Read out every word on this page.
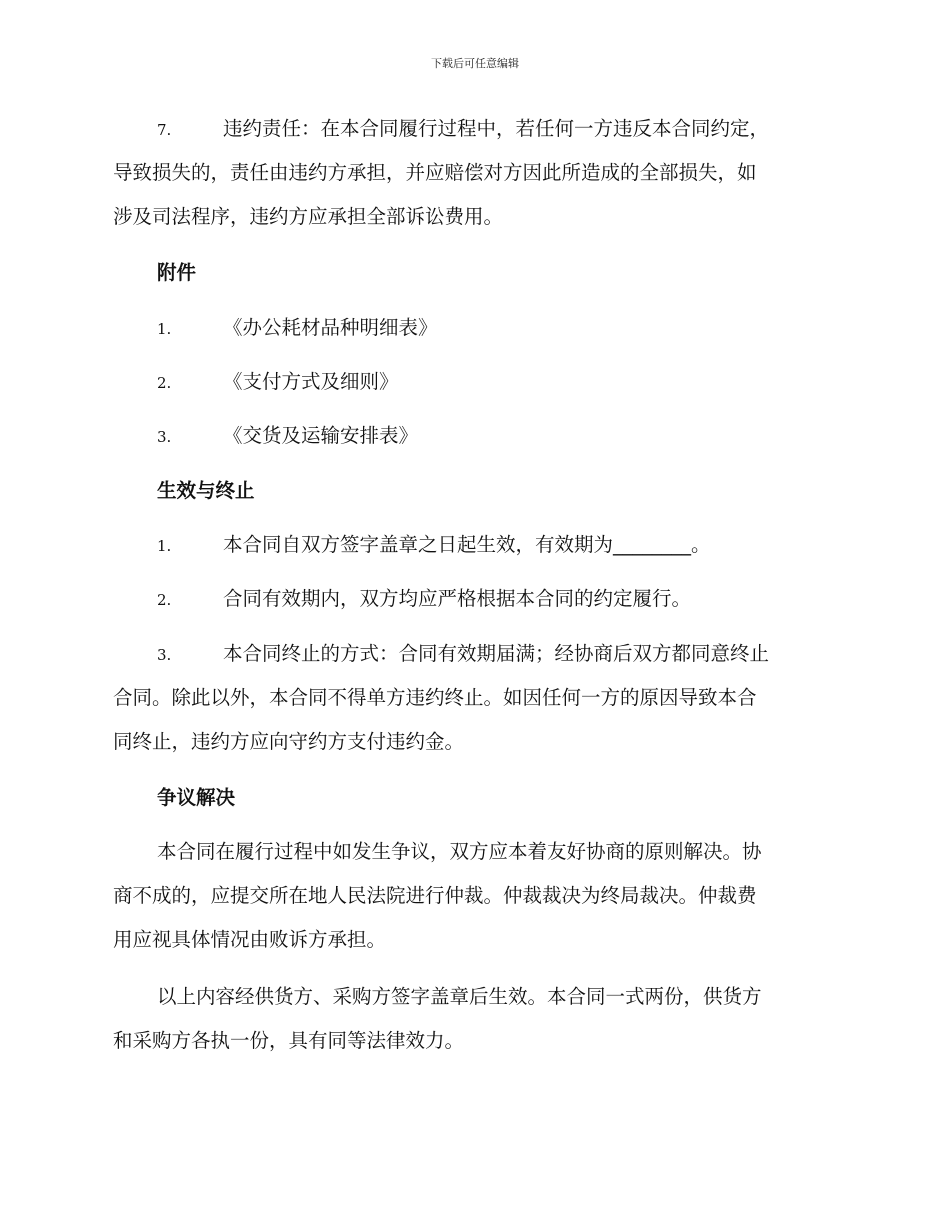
下载后可任意编辑
7.	违约责任：在本合同履行过程中，若任何一方违反本合同约定，
导致损失的，责任由违约方承担，并应赔偿对方因此所造成的全部损失，如
涉及司法程序，违约方应承担全部诉讼费用。
附件
1.	《办公耗材品种明细表》
2.	《支付方式及细则》
3.	《交货及运输安排表》
生效与终止
1.	本合同自双方签字盖章之日起生效，有效期为________。
2.	合同有效期内，双方均应严格根据本合同的约定履行。
3.	本合同终止的方式：合同有效期届满；经协商后双方都同意终止
合同。除此以外，本合同不得单方违约终止。如因任何一方的原因导致本合
同终止，违约方应向守约方支付违约金。
争议解决
本合同在履行过程中如发生争议，双方应本着友好协商的原则解决。协
商不成的，应提交所在地人民法院进行仲裁。仲裁裁决为终局裁决。仲裁费
用应视具体情况由败诉方承担。
以上内容经供货方、采购方签字盖章后生效。本合同一式两份，供货方
和采购方各执一份，具有同等法律效力。
